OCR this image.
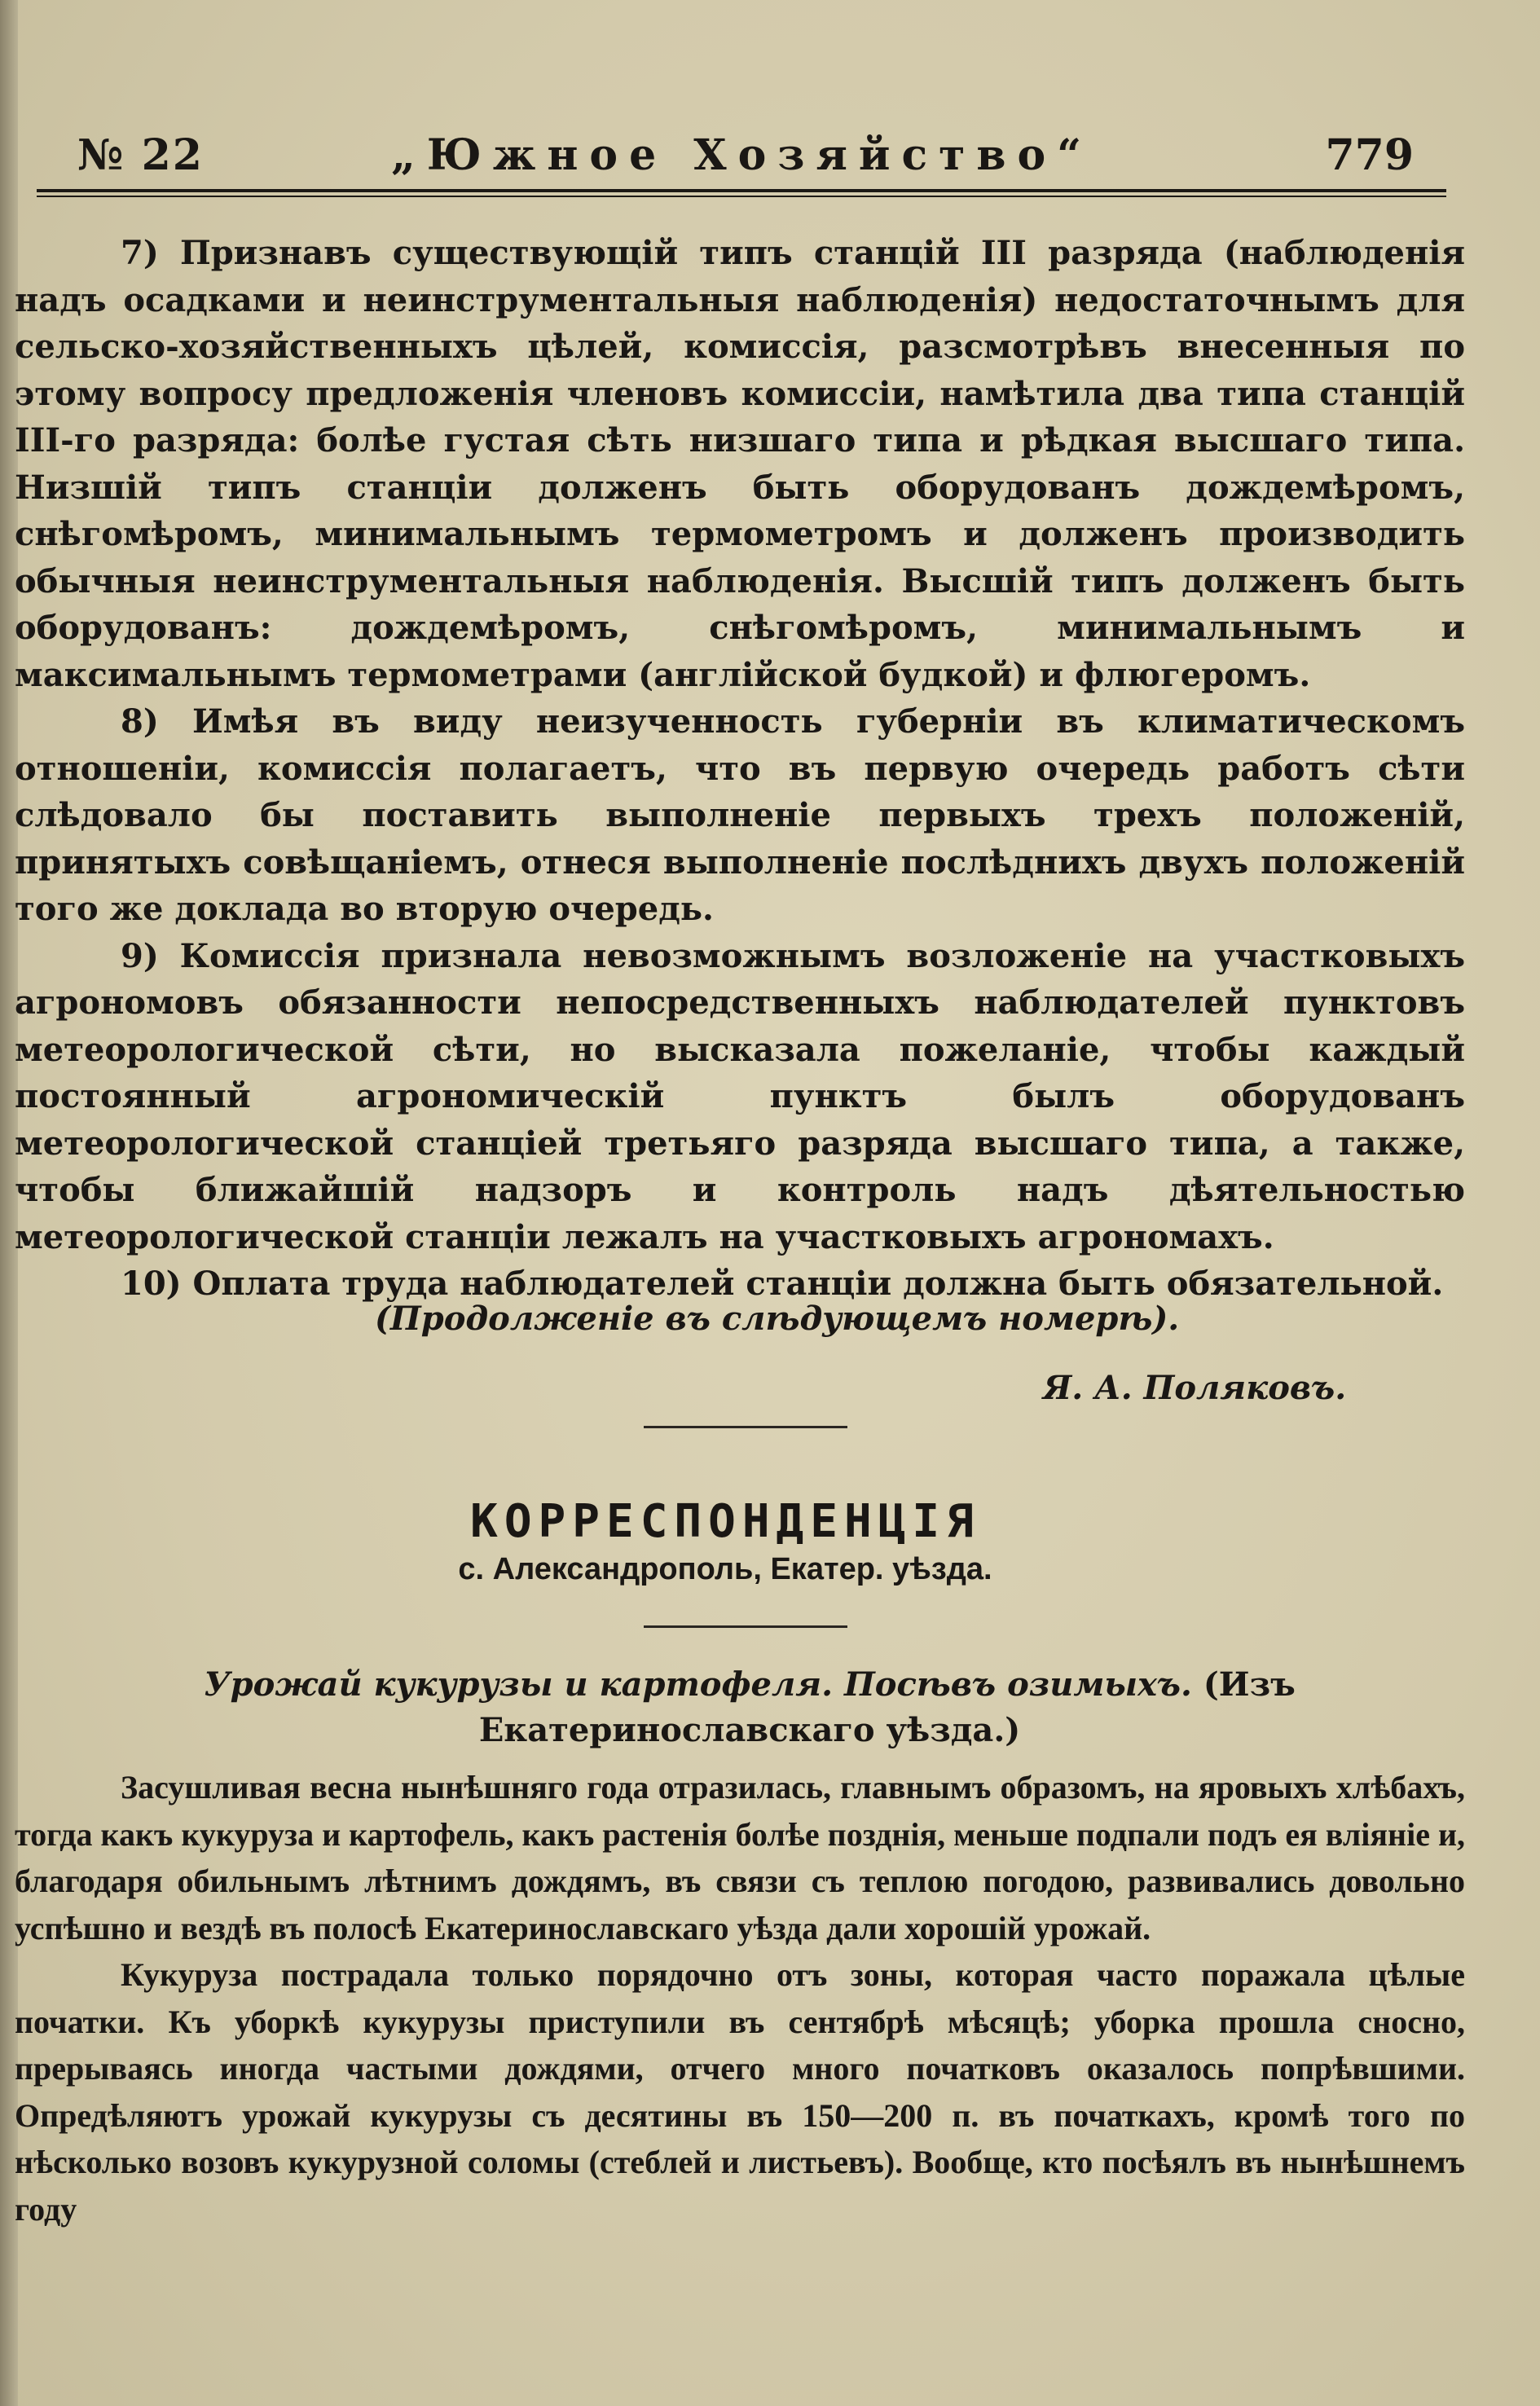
№ 22	„Южное Хозяйство“	779

7) Признавъ существующій типъ станцій III разряда (наблюденія надъ осадками и неинструментальныя наблюденія) недостаточнымъ для сельско-хозяйственныхъ цѣлей, комиссія, разсмотрѣвъ внесенныя по этому вопросу предложенія членовъ комиссіи, намѣтила два типа станцій III-го разряда: болѣе густая сѣть низшаго типа и рѣдкая высшаго типа. Низшій типъ станціи долженъ быть оборудованъ дождемѣромъ, снѣгомѣромъ, минимальнымъ термометромъ и долженъ производить обычныя неинструментальныя наблюденія. Высшій типъ долженъ быть оборудованъ: дождемѣромъ, снѣгомѣромъ, минимальнымъ и максимальнымъ термометрами (англійской будкой) и флюгеромъ.

8) Имѣя въ виду неизученность губерніи въ климатическомъ отношеніи, комиссія полагаетъ, что въ первую очередь работъ сѣти слѣдовало бы поставить выполненіе первыхъ трехъ положеній, принятыхъ совѣщаніемъ, отнеся выполненіе послѣднихъ двухъ положеній того же доклада во вторую очередь.

9) Комиссія признала невозможнымъ возложеніе на участковыхъ агрономовъ обязанности непосредственныхъ наблюдателей пунктовъ метеорологической сѣти, но высказала пожеланіе, чтобы каждый постоянный агрономическій пунктъ былъ оборудованъ метеорологической станціей третьяго разряда высшаго типа, а также, чтобы ближайшій надзоръ и контроль надъ дѣятельностью метеорологической станціи лежалъ на участковыхъ агрономахъ.

10) Оплата труда наблюдателей станціи должна быть обязательной.

(Продолженіе въ слѣдующемъ номерѣ).
Я. А. Поляковъ.
КОРРЕСПОНДЕНЦІЯ
с. Александрополь, Екатер. уѣзда.
Урожай кукурузы и картофеля. Посѣвъ озимыхъ. (Изъ Екатеринославскаго уѣзда.)

Засушливая весна нынѣшняго года отразилась, главнымъ образомъ, на яровыхъ хлѣбахъ, тогда какъ кукуруза и картофель, какъ растенія болѣе позднія, меньше подпали подъ ея вліяніе и, благодаря обильнымъ лѣтнимъ дождямъ, въ связи съ теплою погодою, развивались довольно успѣшно и вездѣ въ полосѣ Екатеринославскаго уѣзда дали хорошій урожай.

Кукуруза пострадала только порядочно отъ зоны, которая часто поражала цѣлые початки. Къ уборкѣ кукурузы приступили въ сентябрѣ мѣсяцѣ; уборка прошла сносно, прерываясь иногда частыми дождями, отчего много початковъ оказалось попрѣвшими. Опредѣляютъ урожай кукурузы съ десятины въ 150—200 п. въ початкахъ, кромѣ того по нѣсколько возовъ кукурузной соломы (стеблей и листьевъ). Вообще, кто посѣялъ въ нынѣшнемъ году
